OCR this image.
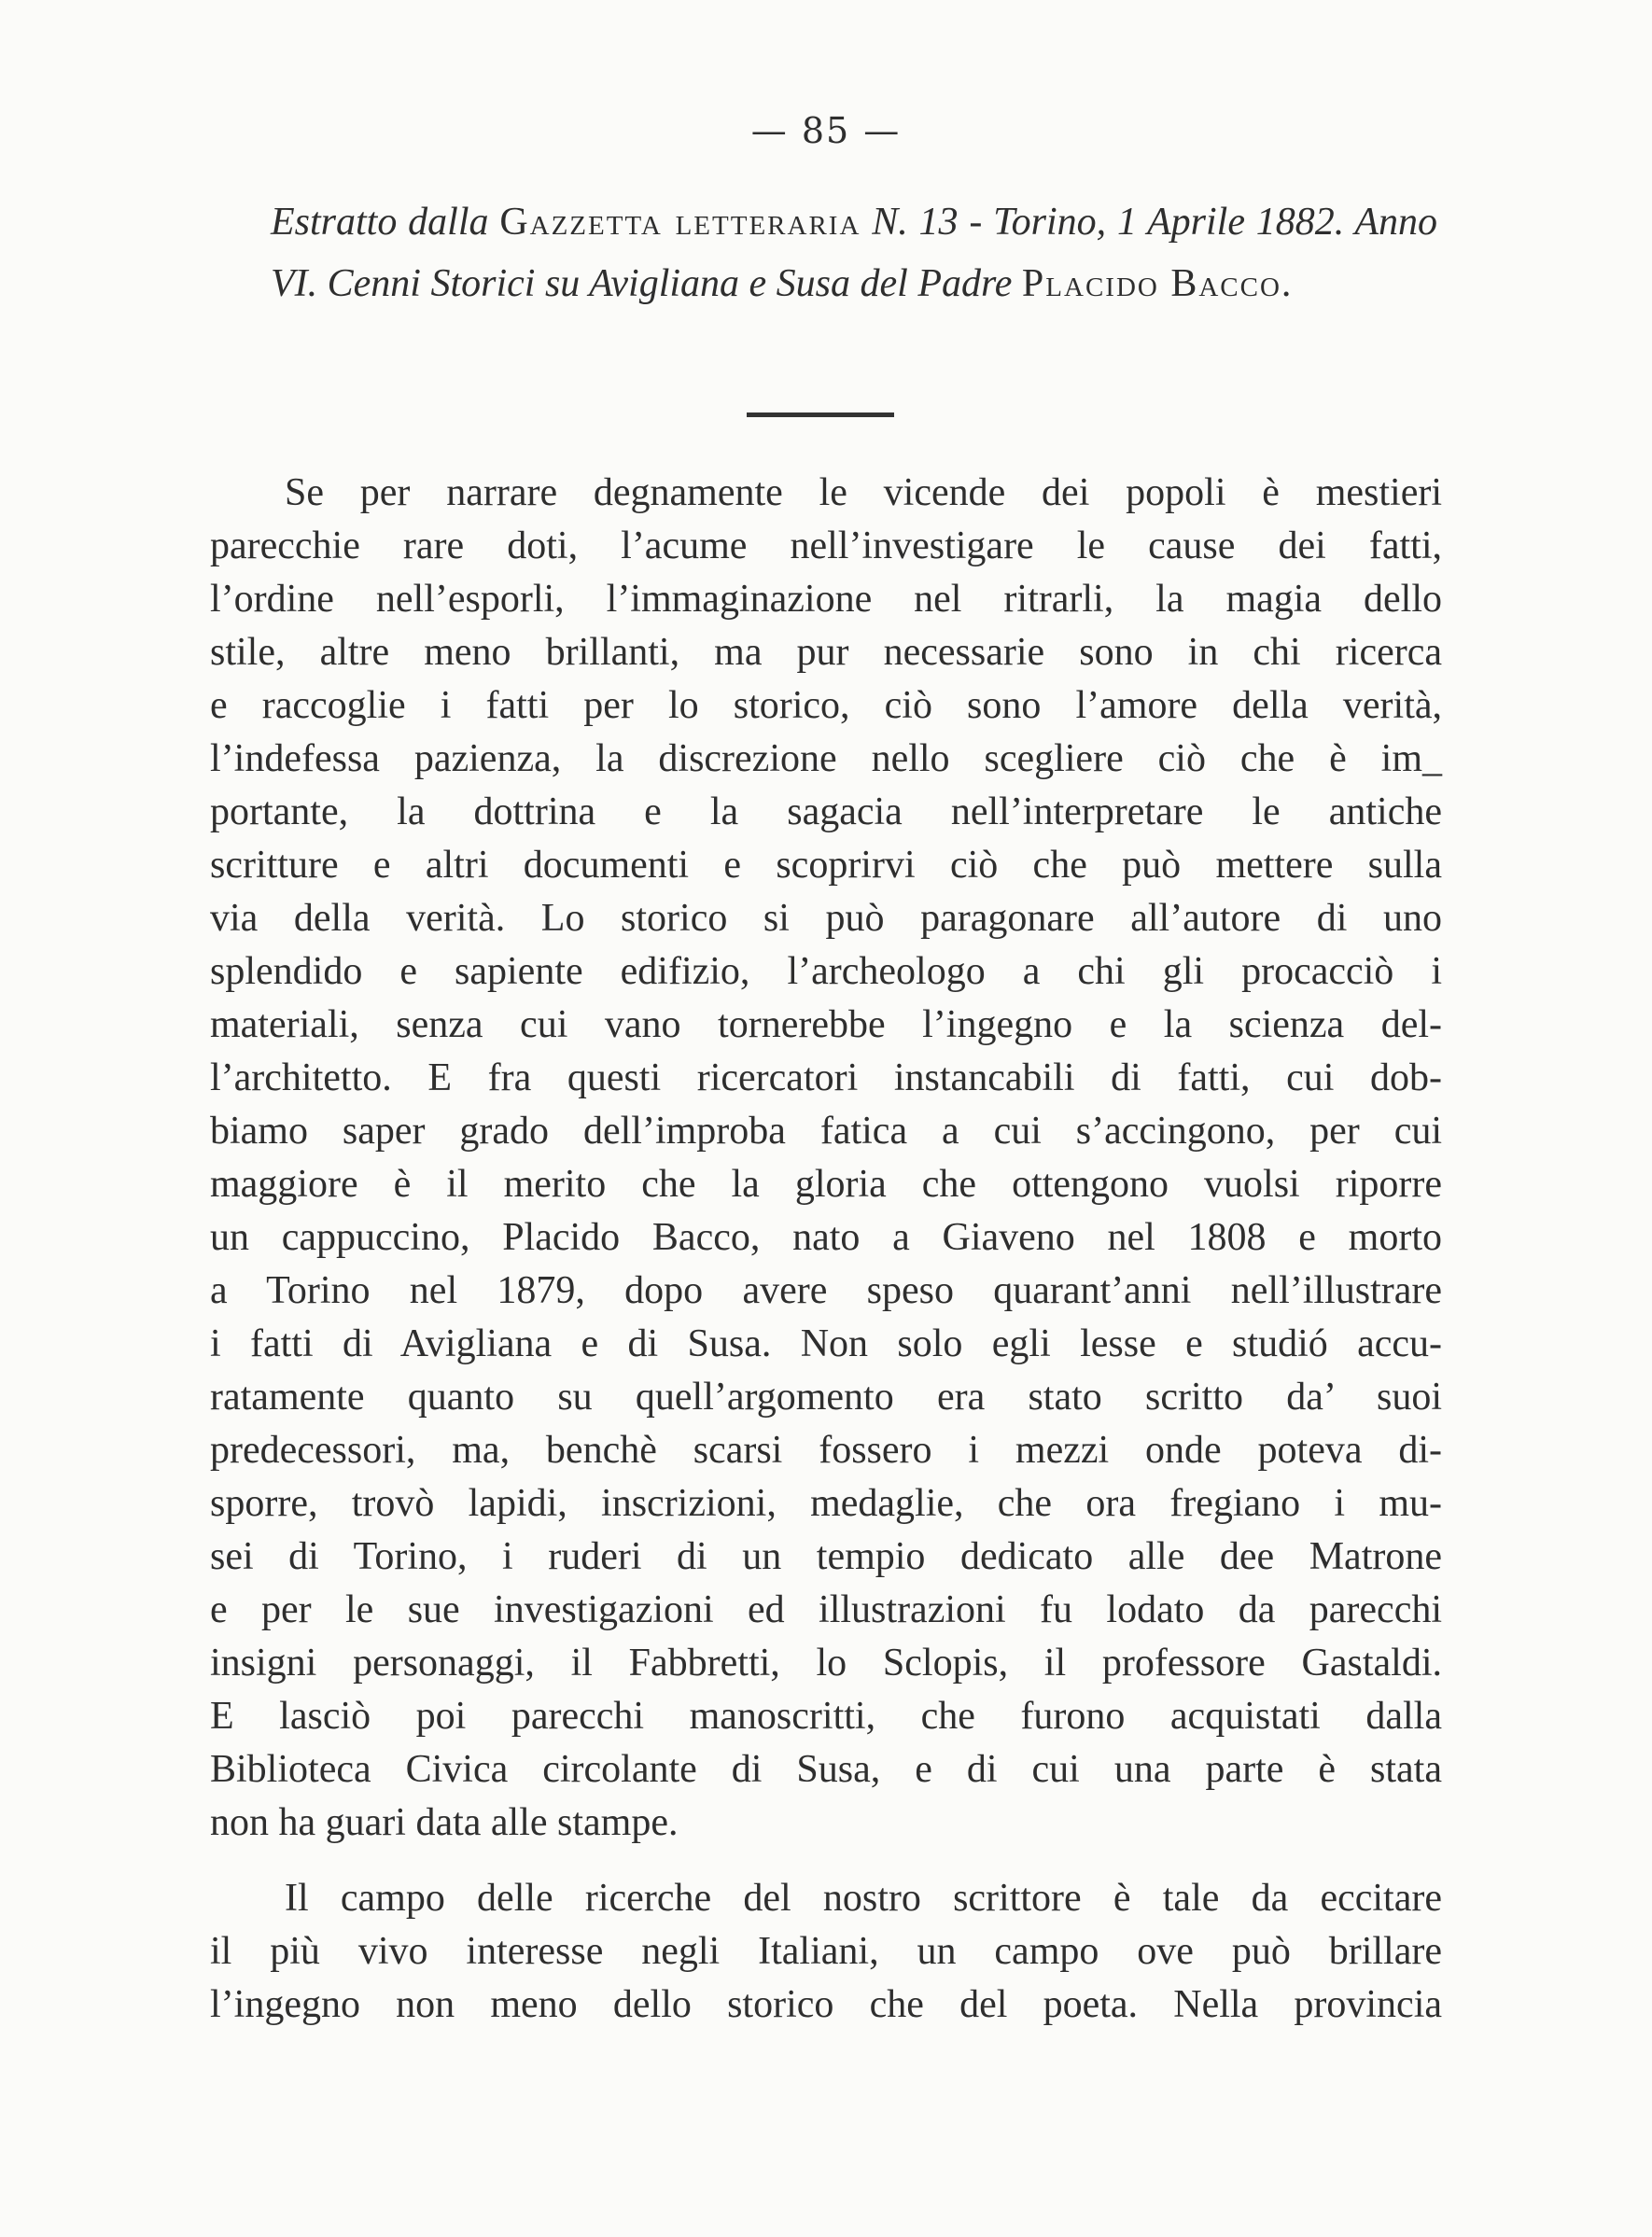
— 85 —
Estratto dalla Gazzetta letteraria N. 13 - Torino, 1 Aprile 1882. Anno VI. Cenni Storici su Avigliana e Susa del Padre Placido Bacco.
Se per narrare degnamente le vicende dei popoli è mestieri
parecchie rare doti, l’acume nell’investigare le cause dei fatti,
l’ordine nell’esporli, l’immaginazione nel ritrarli, la magia dello
stile, altre meno brillanti, ma pur necessarie sono in chi ricerca
e raccoglie i fatti per lo storico, ciò sono l’amore della verità,
l’indefessa pazienza, la discrezione nello scegliere ciò che è im_
portante, la dottrina e la sagacia nell’interpretare le antiche
scritture e altri documenti e scoprirvi ciò che può mettere sulla
via della verità. Lo storico si può paragonare all’autore di uno
splendido e sapiente edifizio, l’archeologo a chi gli procacciò i
materiali, senza cui vano tornerebbe l’ingegno e la scienza del-
l’architetto. E fra questi ricercatori instancabili di fatti, cui dob-
biamo saper grado dell’improba fatica a cui s’accingono, per cui
maggiore è il merito che la gloria che ottengono vuolsi riporre
un cappuccino, Placido Bacco, nato a Giaveno nel 1808 e morto
a Torino nel 1879, dopo avere speso quarant’anni nell’illustrare
i fatti di Avigliana e di Susa. Non solo egli lesse e studió accu-
ratamente quanto su quell’argomento era stato scritto da’ suoi
predecessori, ma, benchè scarsi fossero i mezzi onde poteva di-
sporre, trovò lapidi, inscrizioni, medaglie, che ora fregiano i mu-
sei di Torino, i ruderi di un tempio dedicato alle dee Matrone
e per le sue investigazioni ed illustrazioni fu lodato da parecchi
insigni personaggi, il Fabbretti, lo Sclopis, il professore Gastaldi.
E lasciò poi parecchi manoscritti, che furono acquistati dalla
Biblioteca Civica circolante di Susa, e di cui una parte è stata
non ha guari data alle stampe.
Il campo delle ricerche del nostro scrittore è tale da eccitare
il più vivo interesse negli Italiani, un campo ove può brillare
l’ingegno non meno dello storico che del poeta. Nella provincia
